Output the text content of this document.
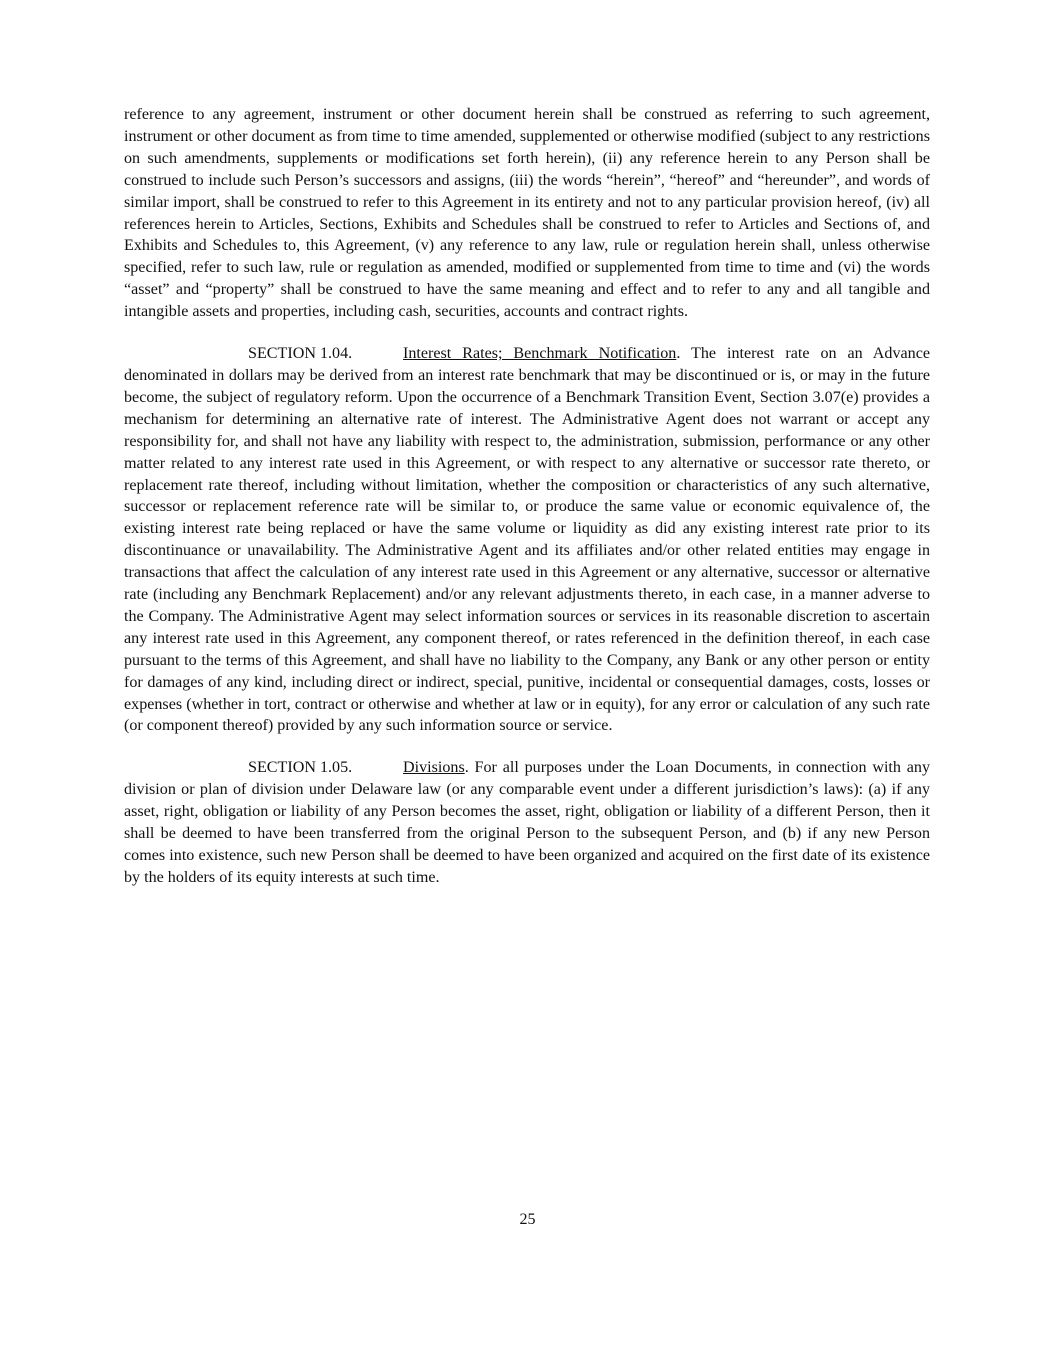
reference to any agreement, instrument or other document herein shall be construed as referring to such agreement, instrument or other document as from time to time amended, supplemented or otherwise modified (subject to any restrictions on such amendments, supplements or modifications set forth herein), (ii) any reference herein to any Person shall be construed to include such Person’s successors and assigns, (iii) the words “herein”, “hereof” and “hereunder”, and words of similar import, shall be construed to refer to this Agreement in its entirety and not to any particular provision hereof, (iv) all references herein to Articles, Sections, Exhibits and Schedules shall be construed to refer to Articles and Sections of, and Exhibits and Schedules to, this Agreement, (v) any reference to any law, rule or regulation herein shall, unless otherwise specified, refer to such law, rule or regulation as amended, modified or supplemented from time to time and (vi) the words “asset” and “property” shall be construed to have the same meaning and effect and to refer to any and all tangible and intangible assets and properties, including cash, securities, accounts and contract rights.

SECTION 1.04.	Interest Rates; Benchmark Notification. The interest rate on an Advance denominated in dollars may be derived from an interest rate benchmark that may be discontinued or is, or may in the future become, the subject of regulatory reform. Upon the occurrence of a Benchmark Transition Event, Section 3.07(e) provides a mechanism for determining an alternative rate of interest. The Administrative Agent does not warrant or accept any responsibility for, and shall not have any liability with respect to, the administration, submission, performance or any other matter related to any interest rate used in this Agreement, or with respect to any alternative or successor rate thereto, or replacement rate thereof, including without limitation, whether the composition or characteristics of any such alternative, successor or replacement reference rate will be similar to, or produce the same value or economic equivalence of, the existing interest rate being replaced or have the same volume or liquidity as did any existing interest rate prior to its discontinuance or unavailability. The Administrative Agent and its affiliates and/or other related entities may engage in transactions that affect the calculation of any interest rate used in this Agreement or any alternative, successor or alternative rate (including any Benchmark Replacement) and/or any relevant adjustments thereto, in each case, in a manner adverse to the Company. The Administrative Agent may select information sources or services in its reasonable discretion to ascertain any interest rate used in this Agreement, any component thereof, or rates referenced in the definition thereof, in each case pursuant to the terms of this Agreement, and shall have no liability to the Company, any Bank or any other person or entity for damages of any kind, including direct or indirect, special, punitive, incidental or consequential damages, costs, losses or expenses (whether in tort, contract or otherwise and whether at law or in equity), for any error or calculation of any such rate (or component thereof) provided by any such information source or service.

SECTION 1.05.	Divisions. For all purposes under the Loan Documents, in connection with any division or plan of division under Delaware law (or any comparable event under a different jurisdiction’s laws): (a) if any asset, right, obligation or liability of any Person becomes the asset, right, obligation or liability of a different Person, then it shall be deemed to have been transferred from the original Person to the subsequent Person, and (b) if any new Person comes into existence, such new Person shall be deemed to have been organized and acquired on the first date of its existence by the holders of its equity interests at such time.

25
